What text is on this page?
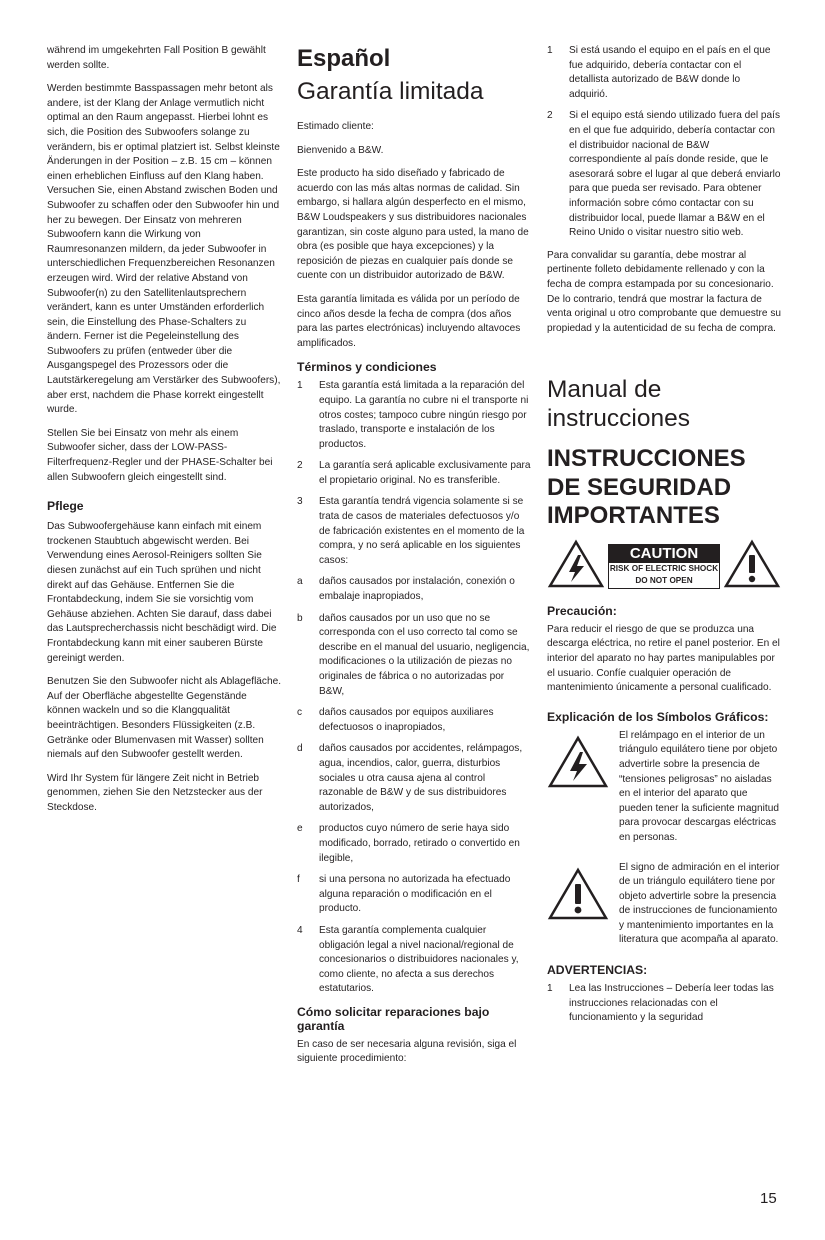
während im umgekehrten Fall Position B gewählt werden sollte.

Werden bestimmte Basspassagen mehr betont als andere, ist der Klang der Anlage vermutlich nicht optimal an den Raum angepasst. Hierbei lohnt es sich, die Position des Subwoofers solange zu verändern, bis er optimal platziert ist. Selbst kleinste Änderungen in der Position – z.B. 15 cm – können einen erheblichen Einfluss auf den Klang haben. Versuchen Sie, einen Abstand zwischen Boden und Subwoofer zu schaffen oder den Subwoofer hin und her zu bewegen. Der Einsatz von mehreren Subwoofern kann die Wirkung von Raumresonanzen mildern, da jeder Subwoofer in unterschiedlichen Frequenzbereichen Resonanzen erzeugen wird. Wird der relative Abstand von Subwoofer(n) zu den Satellitenlautsprechern verändert, kann es unter Umständen erforderlich sein, die Einstellung des Phase-Schalters zu ändern. Ferner ist die Pegeleinstellung des Subwoofers zu prüfen (entweder über die Ausgangspegel des Prozessors oder die Lautstärkeregelung am Verstärker des Subwoofers), aber erst, nachdem die Phase korrekt eingestellt wurde.

Stellen Sie bei Einsatz von mehr als einem Subwoofer sicher, dass der LOW-PASS-Filterfrequenz-Regler und der PHASE-Schalter bei allen Subwoofern gleich eingestellt sind.

Pflege

Das Subwoofergehäuse kann einfach mit einem trockenen Staubtuch abgewischt werden. Bei Verwendung eines Aerosol-Reinigers sollten Sie diesen zunächst auf ein Tuch sprühen und nicht direkt auf das Gehäuse. Entfernen Sie die Frontabdeckung, indem Sie sie vorsichtig vom Gehäuse abziehen. Achten Sie darauf, dass dabei das Lautsprecherchassis nicht beschädigt wird. Die Frontabdeckung kann mit einer sauberen Bürste gereinigt werden.

Benutzen Sie den Subwoofer nicht als Ablagefläche. Auf der Oberfläche abgestellte Gegenstände können wackeln und so die Klangqualität beeinträchtigen. Besonders Flüssigkeiten (z.B. Getränke oder Blumenvasen mit Wasser) sollten niemals auf den Subwoofer gestellt werden.

Wird Ihr System für längere Zeit nicht in Betrieb genommen, ziehen Sie den Netzstecker aus der Steckdose.

Español
Garantía limitada

Estimado cliente:

Bienvenido a B&W.

Este producto ha sido diseñado y fabricado de acuerdo con las más altas normas de calidad. Sin embargo, si hallara algún desperfecto en el mismo, B&W Loudspeakers y sus distribuidores nacionales garantizan, sin coste alguno para usted, la mano de obra (es posible que haya excepciones) y la reposición de piezas en cualquier país donde se cuente con un distribuidor autorizado de B&W.

Esta garantía limitada es válida por un período de cinco años desde la fecha de compra (dos años para las partes electrónicas) incluyendo altavoces amplificados.

Términos y condiciones
1 Esta garantía está limitada a la reparación del equipo. La garantía no cubre ni el transporte ni otros costes; tampoco cubre ningún riesgo por traslado, transporte e instalación de los productos.
2 La garantía será aplicable exclusivamente para el propietario original. No es transferible.
3 Esta garantía tendrá vigencia solamente si se trata de casos de materiales defectuosos y/o de fabricación existentes en el momento de la compra, y no será aplicable en los siguientes casos:
a daños causados por instalación, conexión o embalaje inapropiados,
b daños causados por un uso que no se corresponda con el uso correcto tal como se describe en el manual del usuario, negligencia, modificaciones o la utilización de piezas no originales de fábrica o no autorizadas por B&W,
c daños causados por equipos auxiliares defectuosos o inapropiados,
d daños causados por accidentes, relámpagos, agua, incendios, calor, guerra, disturbios sociales u otra causa ajena al control razonable de B&W y de sus distribuidores autorizados,
e productos cuyo número de serie haya sido modificado, borrado, retirado o convertido en ilegible,
f si una persona no autorizada ha efectuado alguna reparación o modificación en el producto.
4 Esta garantía complementa cualquier obligación legal a nivel nacional/regional de concesionarios o distribuidores nacionales y, como cliente, no afecta a sus derechos estatutarios.
Cómo solicitar reparaciones bajo garantía

En caso de ser necesaria alguna revisión, siga el siguiente procedimiento:

1 Si está usando el equipo en el país en el que fue adquirido, debería contactar con el detallista autorizado de B&W donde lo adquirió.
2 Si el equipo está siendo utilizado fuera del país en el que fue adquirido, debería contactar con el distribuidor nacional de B&W correspondiente al país donde reside, que le asesorará sobre el lugar al que deberá enviarlo para que pueda ser revisado. Para obtener información sobre cómo contactar con su distribuidor local, puede llamar a B&W en el Reino Unido o visitar nuestro sitio web.

Para convalidar su garantía, debe mostrar al pertinente folleto debidamente rellenado y con la fecha de compra estampada por su concesionario. De lo contrario, tendrá que mostrar la factura de venta original u otro comprobante que demuestre su propiedad y la autenticidad de su fecha de compra.

Manual de instrucciones
INSTRUCCIONES DE SEGURIDAD IMPORTANTES
CAUTION
RISK OF ELECTRIC SHOCK
DO NOT OPEN
Precaución:

Para reducir el riesgo de que se produzca una descarga eléctrica, no retire el panel posterior. En el interior del aparato no hay partes manipulables por el usuario. Confíe cualquier operación de mantenimiento únicamente a personal cualificado.

Explicación de los Símbolos Gráficos:

El relámpago en el interior de un triángulo equilátero tiene por objeto advertirle sobre la presencia de “tensiones peligrosas” no aisladas en el interior del aparato que pueden tener la suficiente magnitud para provocar descargas eléctricas en personas.

El signo de admiración en el interior de un triángulo equilátero tiene por objeto advertirle sobre la presencia de instrucciones de funcionamiento y mantenimiento importantes en la literatura que acompaña al aparato.

ADVERTENCIAS:
1 Lea las Instrucciones – Debería leer todas las instrucciones relacionadas con el funcionamiento y la seguridad
15
